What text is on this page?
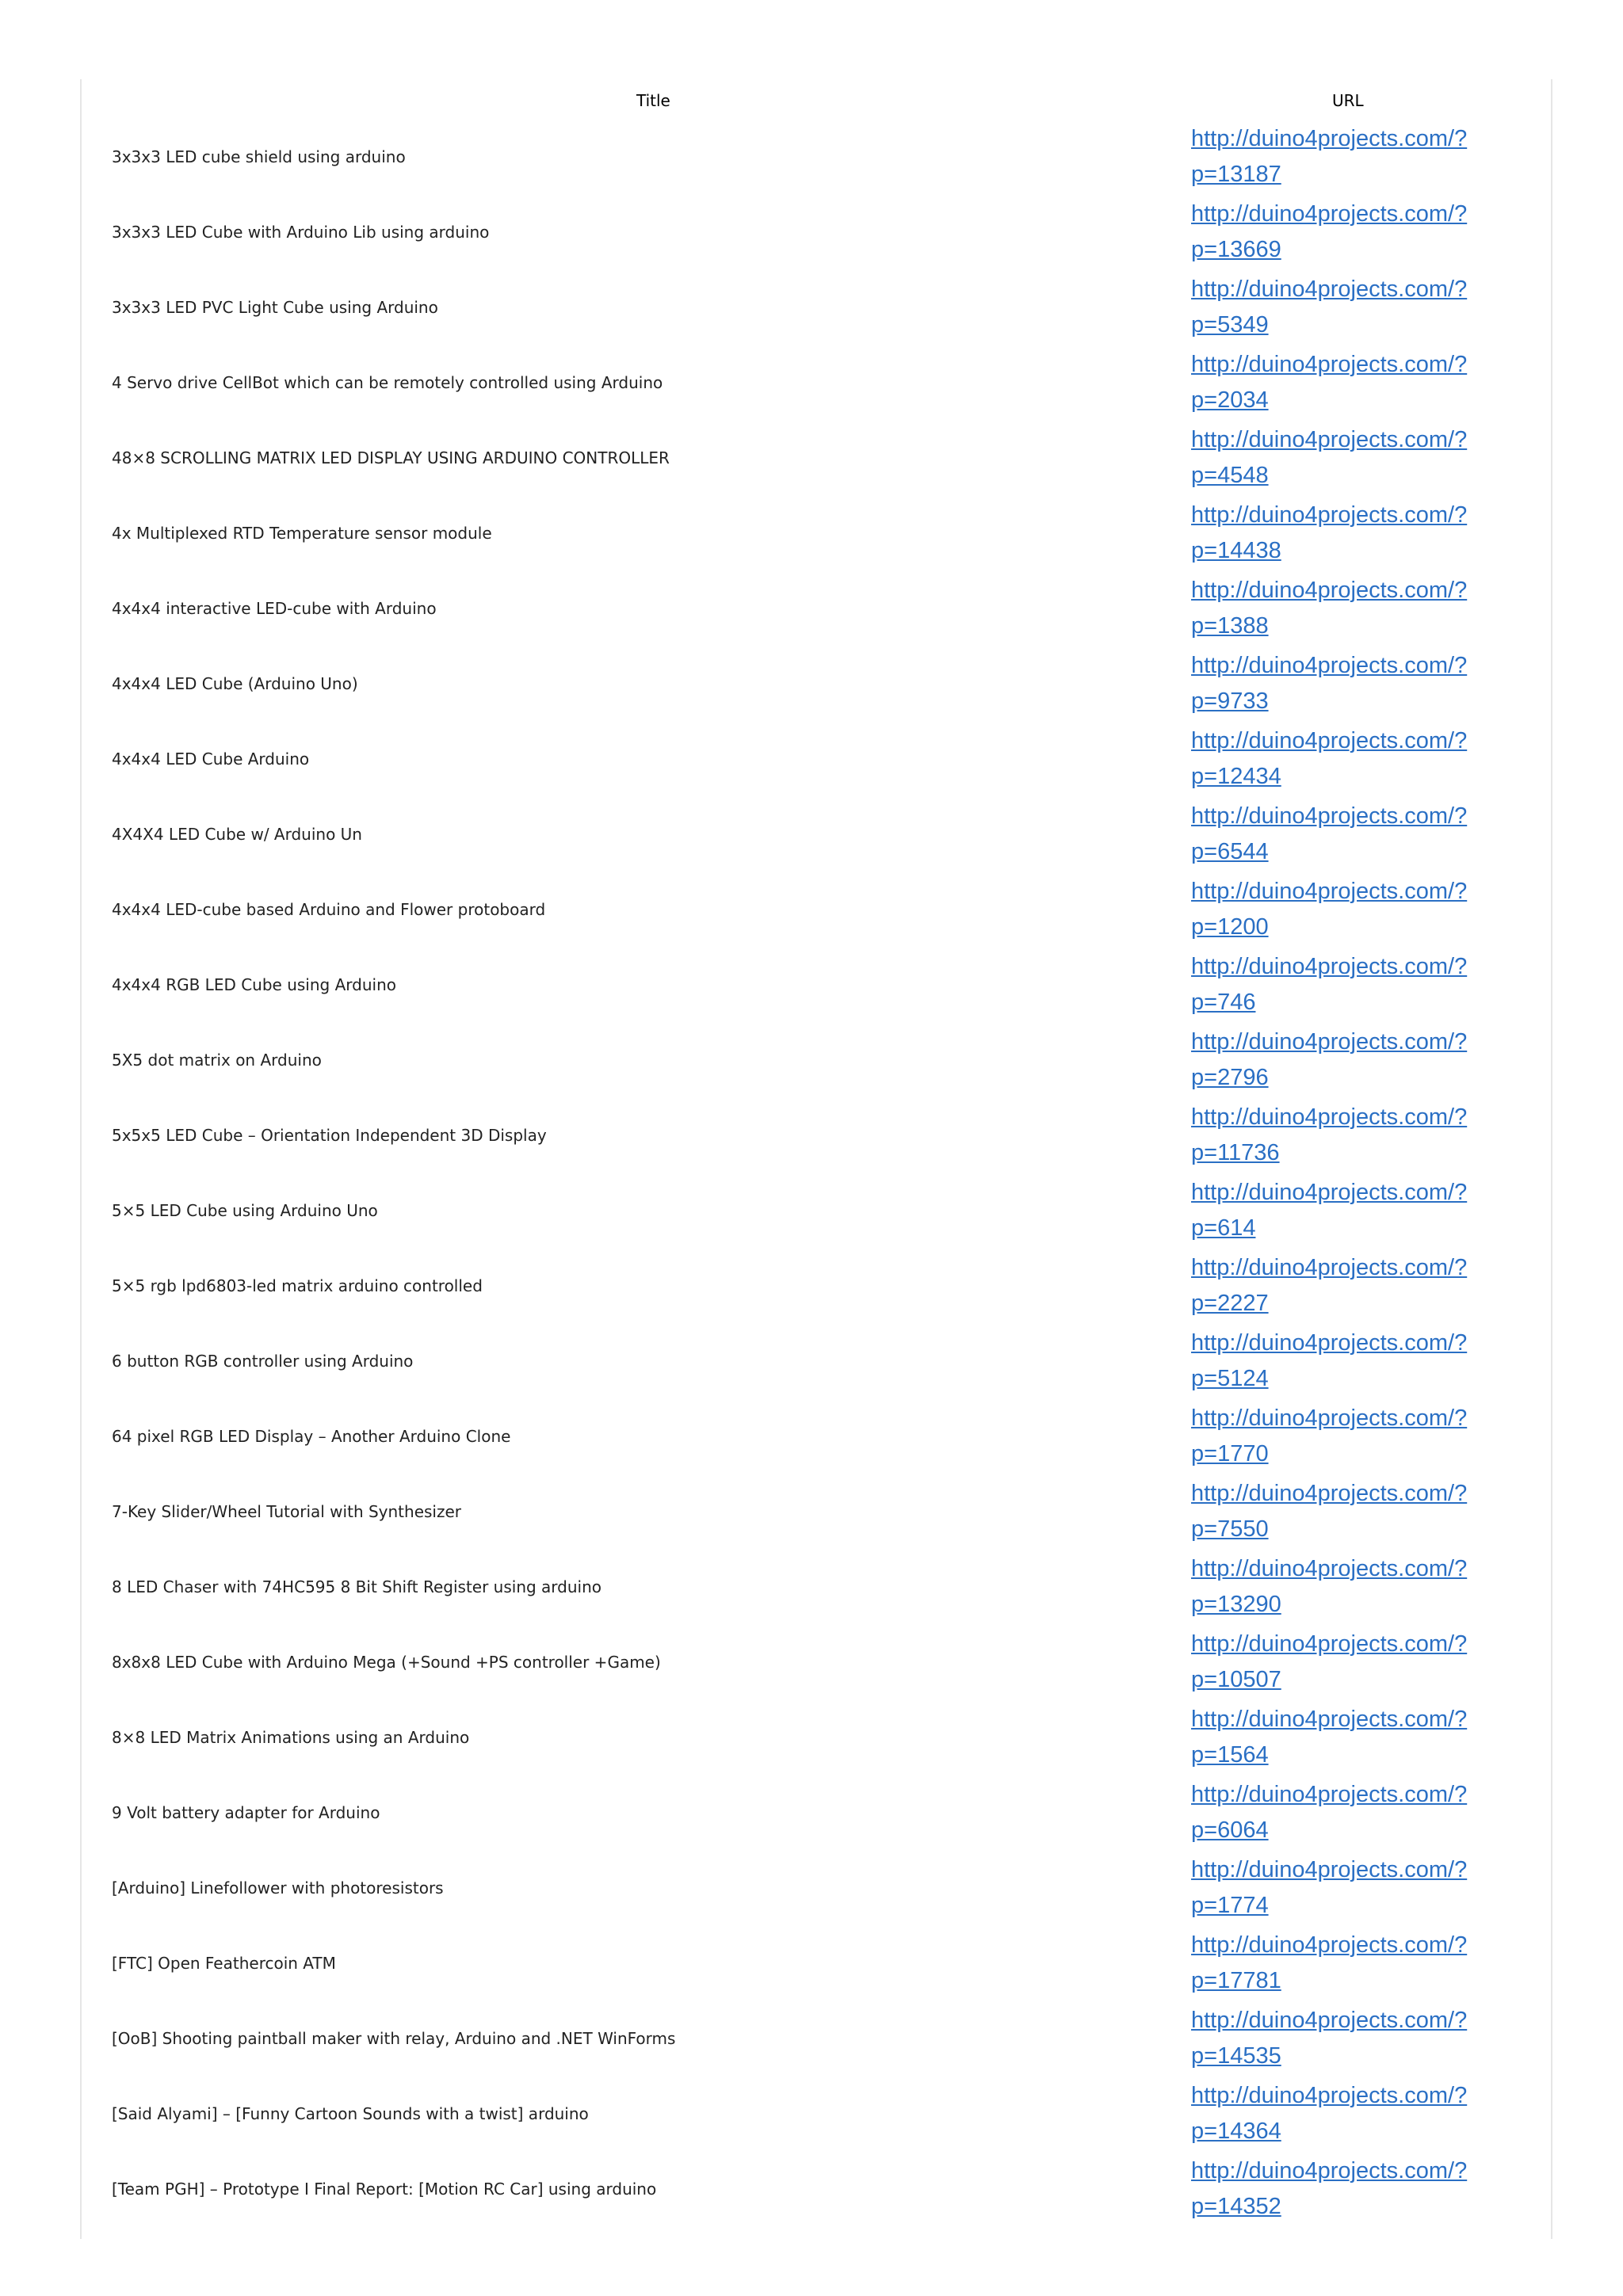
Title	URL
3x3x3 LED cube shield using arduino	http://duino4projects.com/?
p=13187

3x3x3 LED Cube with Arduino Lib using arduino	http://duino4projects.com/?
p=13669

3x3x3 LED PVC Light Cube using Arduino	http://duino4projects.com/?
p=5349

4 Servo drive CellBot which can be remotely controlled using Arduino	http://duino4projects.com/?
p=2034

48×8 SCROLLING MATRIX LED DISPLAY USING ARDUINO CONTROLLER	http://duino4projects.com/?
p=4548

4x Multiplexed RTD Temperature sensor module	http://duino4projects.com/?
p=14438

4x4x4 interactive LED-cube with Arduino	http://duino4projects.com/?
p=1388

4x4x4 LED Cube (Arduino Uno)	http://duino4projects.com/?
p=9733

4x4x4 LED Cube Arduino	http://duino4projects.com/?
p=12434

4X4X4 LED Cube w/ Arduino Un	http://duino4projects.com/?
p=6544

4x4x4 LED-cube based Arduino and Flower protoboard	http://duino4projects.com/?
p=1200

4x4x4 RGB LED Cube using Arduino	http://duino4projects.com/?
p=746

5X5 dot matrix on Arduino	http://duino4projects.com/?
p=2796

5x5x5 LED Cube – Orientation Independent 3D Display	http://duino4projects.com/?
p=11736

5×5 LED Cube using Arduino Uno	http://duino4projects.com/?
p=614

5×5 rgb lpd6803-led matrix arduino controlled	http://duino4projects.com/?
p=2227

6 button RGB controller using Arduino	http://duino4projects.com/?
p=5124

64 pixel RGB LED Display – Another Arduino Clone	http://duino4projects.com/?
p=1770

7-Key Slider/Wheel Tutorial with Synthesizer	http://duino4projects.com/?
p=7550

8 LED Chaser with 74HC595 8 Bit Shift Register using arduino	http://duino4projects.com/?
p=13290

8x8x8 LED Cube with Arduino Mega (+Sound +PS controller +Game)	http://duino4projects.com/?
p=10507

8×8 LED Matrix Animations using an Arduino	http://duino4projects.com/?
p=1564

9 Volt battery adapter for Arduino	http://duino4projects.com/?
p=6064

[Arduino] Linefollower with photoresistors	http://duino4projects.com/?
p=1774

[FTC] Open Feathercoin ATM	http://duino4projects.com/?
p=17781

[OoB] Shooting paintball maker with relay, Arduino and .NET WinForms	http://duino4projects.com/?
p=14535

[Said Alyami] – [Funny Cartoon Sounds with a twist] arduino	http://duino4projects.com/?
p=14364

[Team PGH] – Prototype I Final Report: [Motion RC Car] using arduino	http://duino4projects.com/?
p=14352
